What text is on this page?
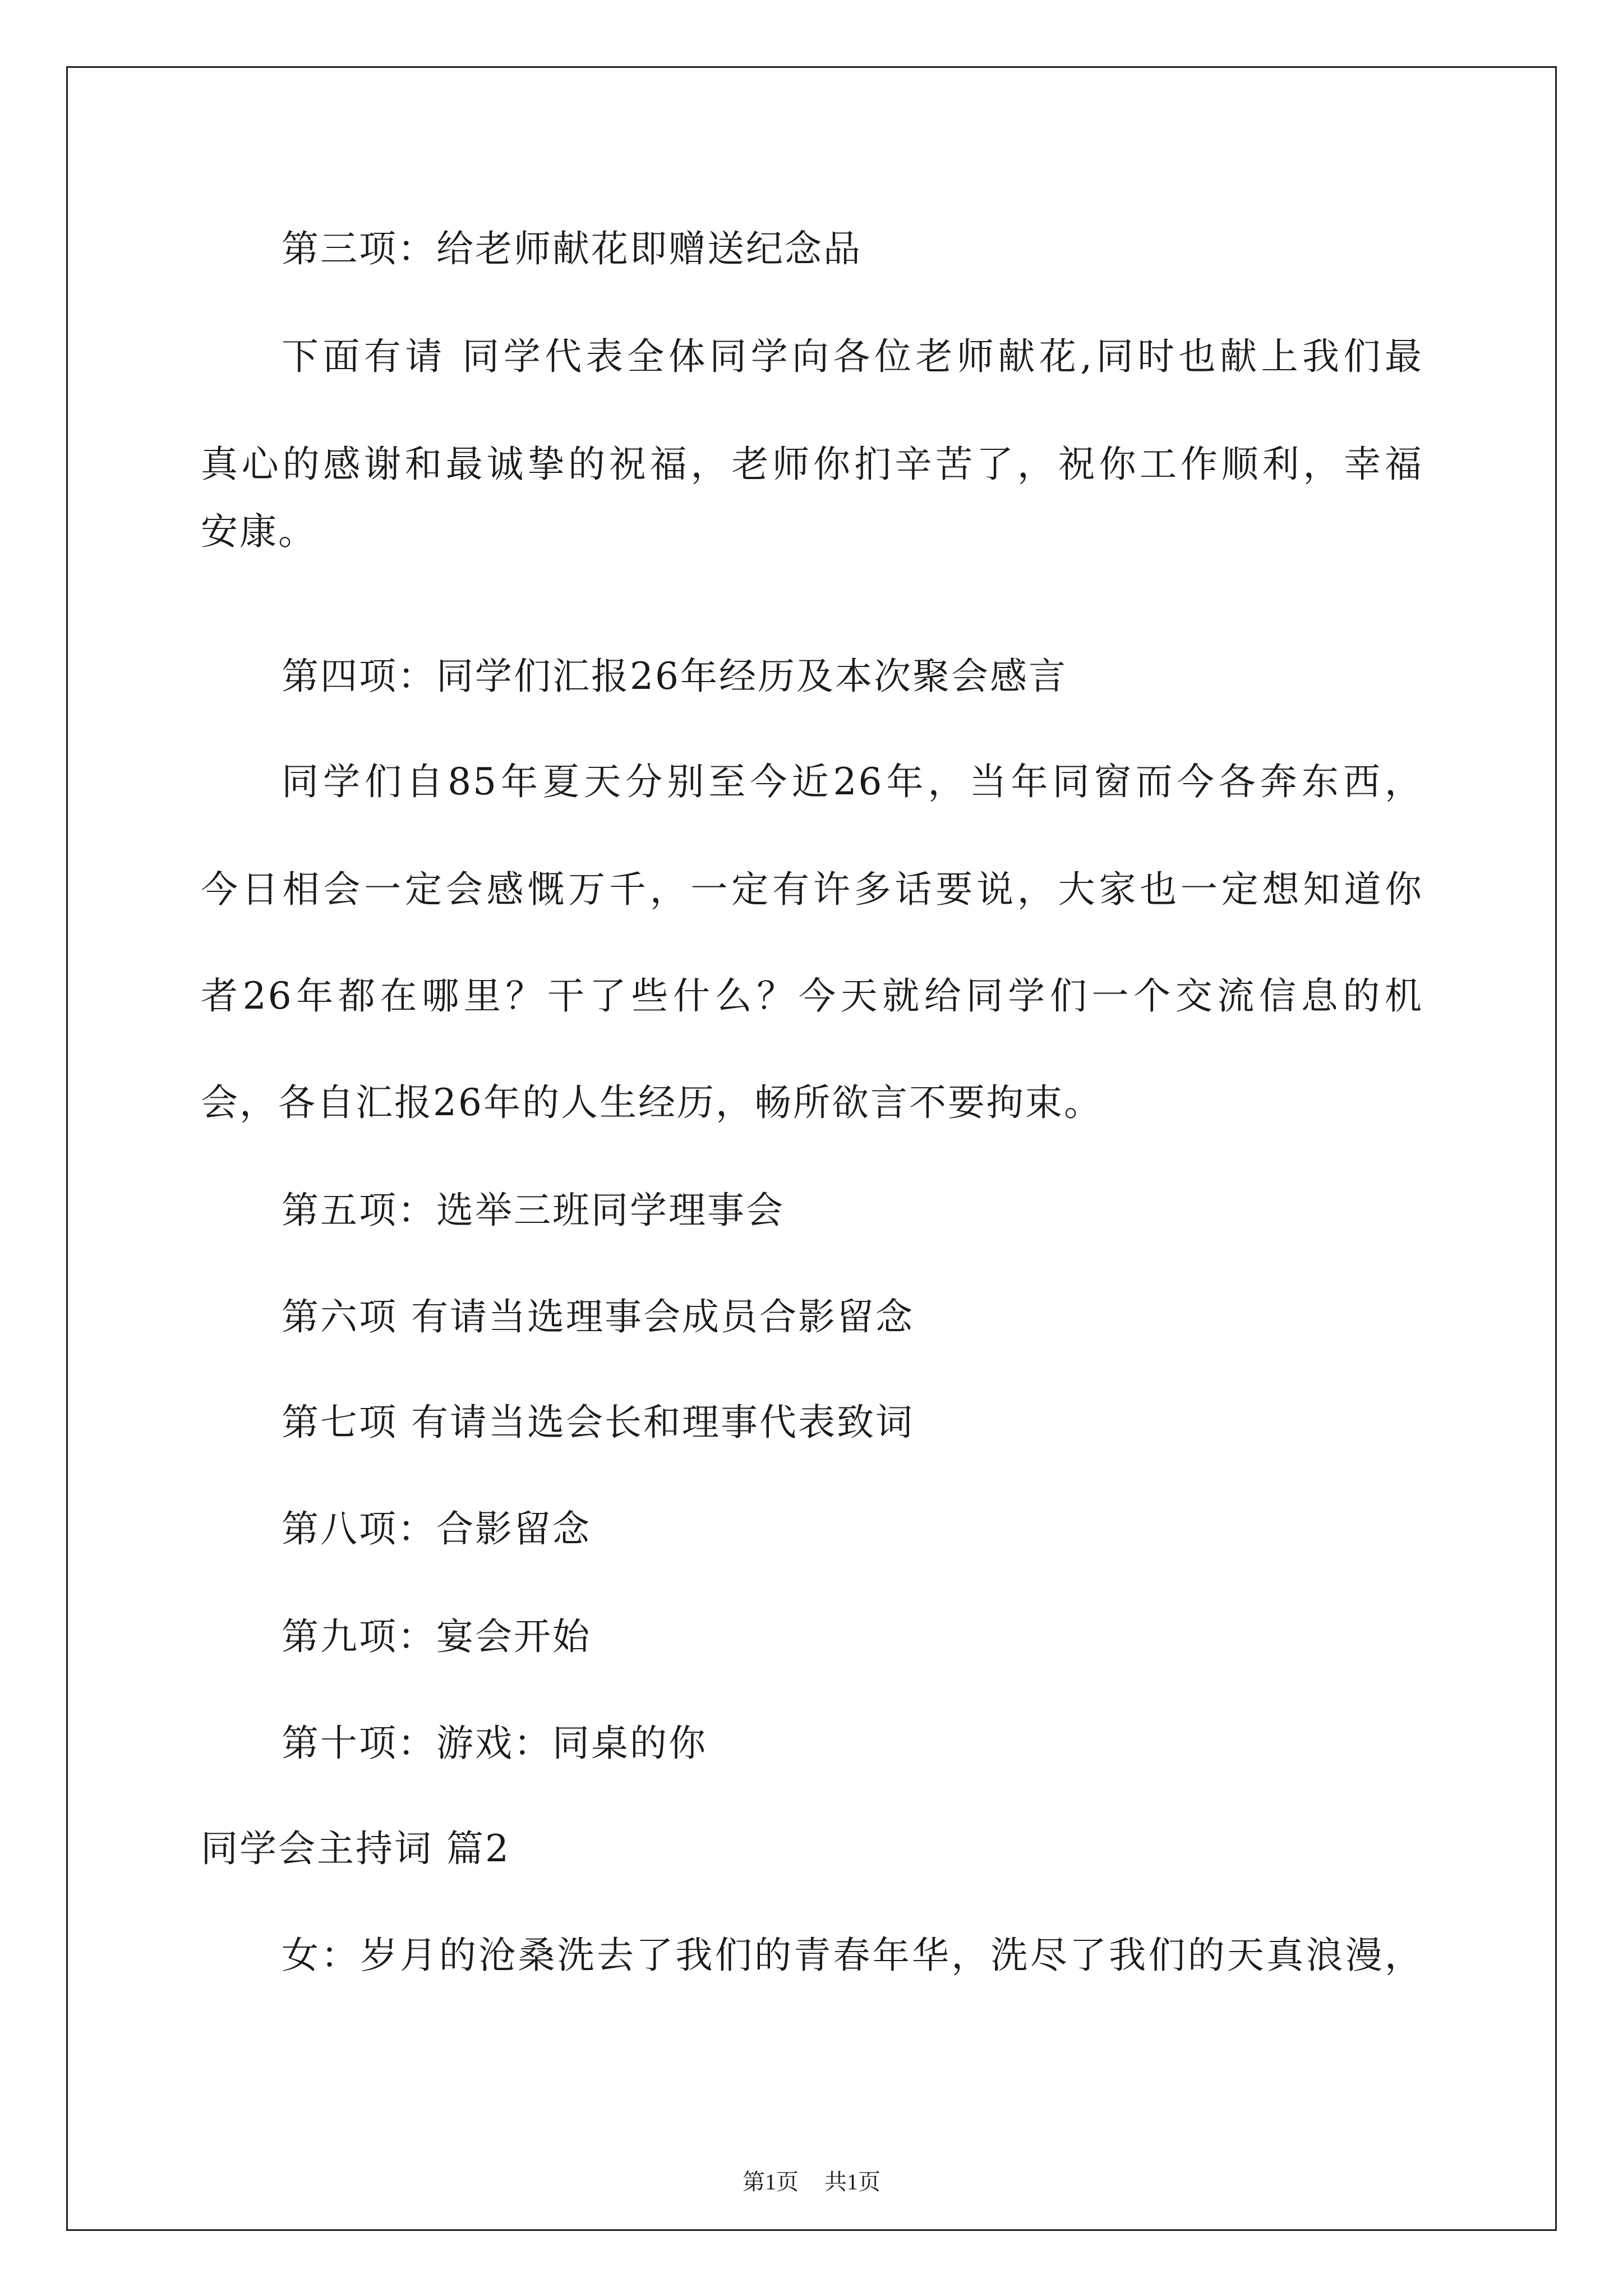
第三项：给老师献花即赠送纪念品
下面有请 同学代表全体同学向各位老师献花,同时也献上我们最
真心的感谢和最诚挚的祝福，老师你扪辛苦了，祝你工作顺利，幸福
安康。
第四项：同学们汇报26年经历及本次聚会感言
同学们自85年夏天分别至今近26年，当年同窗而今各奔东西，
今日相会一定会感慨万千，一定有许多话要说，大家也一定想知道你
者26年都在哪里？干了些什么？今天就给同学们一个交流信息的机
会，各自汇报26年的人生经历，畅所欲言不要拘束。
第五项：选举三班同学理事会
第六项 有请当选理事会成员合影留念
第七项 有请当选会长和理事代表致词
第八项：合影留念
第九项：宴会开始
第十项：游戏：同桌的你
同学会主持词 篇2
女：岁月的沧桑洗去了我们的青春年华，洗尽了我们的天真浪漫，
第1页 共1页
